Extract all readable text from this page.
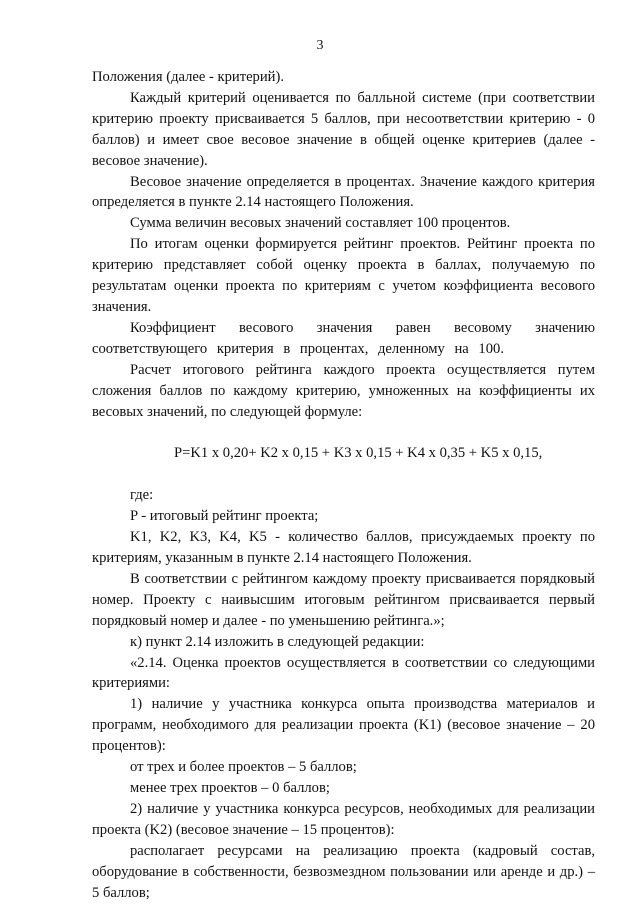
3

Положения (далее - критерий).

Каждый критерий оценивается по балльной системе (при соответствии критерию проекту присваивается 5 баллов, при несоответствии критерию - 0 баллов) и имеет свое весовое значение в общей оценке критериев (далее - весовое значение).

Весовое значение определяется в процентах. Значение каждого критерия определяется в пункте 2.14 настоящего Положения.

Сумма величин весовых значений составляет 100 процентов.

По итогам оценки формируется рейтинг проектов. Рейтинг проекта по критерию представляет собой оценку проекта в баллах, получаемую по результатам оценки проекта по критериям с учетом коэффициента весового значения.

Коэффициент весового значения равен весовому значению соответствующего критерия в процентах, деленному на 100.

Расчет итогового рейтинга каждого проекта осуществляется путем сложения баллов по каждому критерию, умноженных на коэффициенты их весовых значений, по следующей формуле:

P=K1 x 0,20+ K2 x 0,15 + K3 x 0,15 + K4 x 0,35 + K5 x 0,15,

где:

P - итоговый рейтинг проекта;

K1, K2, K3, K4, K5 - количество баллов, присуждаемых проекту по критериям, указанным в пункте 2.14 настоящего Положения.

В соответствии с рейтингом каждому проекту присваивается порядковый номер. Проекту с наивысшим итоговым рейтингом присваивается первый порядковый номер и далее - по уменьшению рейтинга.»;

к) пункт 2.14 изложить в следующей редакции:

«2.14. Оценка проектов осуществляется в соответствии со следующими критериями:

1) наличие у участника конкурса опыта производства материалов и программ, необходимого для реализации проекта (K1) (весовое значение – 20 процентов):

от трех и более проектов – 5 баллов;

менее трех проектов – 0 баллов;

2) наличие у участника конкурса ресурсов, необходимых для реализации проекта (K2) (весовое значение – 15 процентов):

располагает ресурсами на реализацию проекта (кадровый состав, оборудование в собственности, безвозмездном пользовании или аренде и др.) – 5 баллов;
